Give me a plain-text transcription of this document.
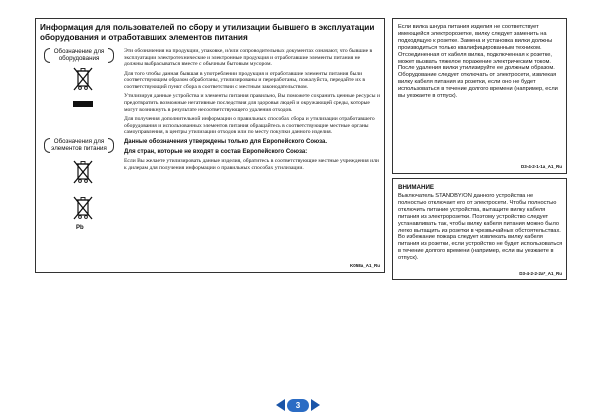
Информация для пользователей по сбору и утилизации бывшего в эксплуатации оборудования и отработавших элементов питания
Обозначение для оборудования
Обозначения для элементов питания
Pb

Эти обозначения на продукции, упаковке, и/или сопроводительных документах означают, что бывшие в эксплуатации электротехнические и электронные продукция и отработавшие элементы питания не должны выбрасываться вместе с обычным бытовым мусором.

Для того чтобы данная бывшая в употреблении продукция и отработавшие элементы питания были соответствующим образом обработаны, утилизированы и переработаны, пожалуйста, передайте их в соответствующий пункт сбора в соответствии с местным законодательством.

Утилизируя данные устройства и элементы питания правильно, Вы поможете сохранить ценные ресурсы и предотвратить возможные негативные последствия для здоровья людей и окружающей среды, которые могут возникнуть в результате несоответствующего удаления отходов.

Для получения дополнительной информации о правильных способах сбора и утилизации отработавшего оборудования и использованных элементов питания обращайтесь в соответствующие местные органы самоуправления, в центры утилизации отходов или по месту покупки данного изделия.

Данные обозначения утверждены только для Европейского Союза.

Для стран, которые не входят в состав Европейского Союза:

Если Вы желаете утилизировать данные изделия, обратитесь в соответствующие местные учреждения или к дилерам для получения информации о правильных способах утилизации.

K058a_A1_Ru

Если вилка шнура питания изделия не соответствует имеющейся электророзетке, вилку следует заменить на подходящую к розетке. Замена и установка вилки должны производиться только квалифицированным техником. Отсоединенная от кабеля вилка, подключенная к розетке, может вызвать тяжелое поражение электрическим током. После удаления вилки утилизируйте ее должным образом. Оборудование следует отключать от электросети, извлекая вилку кабеля питания из розетки, если оно не будет использоваться в течение долгого времени (например, если вы уезжаете в отпуск).

D3-4-2-1-1a_A1_Ru
ВНИМАНИЕ

Выключатель STANDBY/ON данного устройства не полностью отключает его от электросети. Чтобы полностью отключить питание устройства, вытащите вилку кабеля питания из электророзетки. Поэтому устройство следует устанавливать так, чтобы вилку кабеля питания можно было легко вытащить из розетки в чрезвычайных обстоятельствах. Во избежание пожара следует извлекать вилку кабеля питания из розетки, если устройство не будет использоваться в течение долгого времени (например, если вы уезжаете в отпуск).

D3-4-2-2-2a*_A1_Ru
3
